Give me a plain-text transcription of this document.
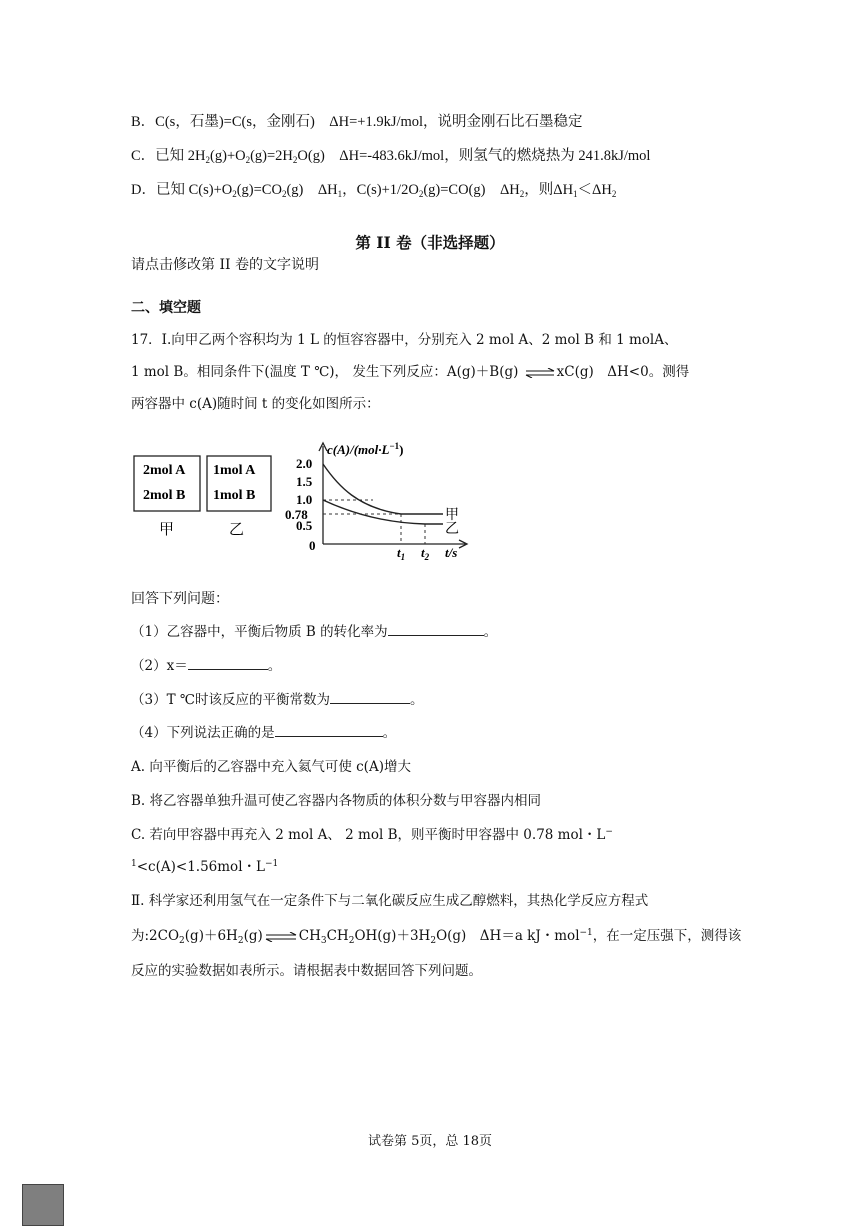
B．C(s，石墨)=C(s，金刚石)　ΔH=+1.9kJ/mol，说明金刚石比石墨稳定
C．已知 $2H_2(g)+O_2(g)=2H_2O(g)$　ΔH=-483.6kJ/mol，则氢气的燃烧热为 241.8kJ/mol
D．已知 $C(s)+O_2(g)=CO_2(g)$　$\Delta H_1$，$C(s)+1/2O_2(g)=CO(g)$　$\Delta H_2$，则$\Delta H_1<\Delta H_2$
第 II 卷（非选择题）
请点击修改第 II 卷的文字说明
二、填空题
17．Ⅰ.向甲乙两个容积均为 1 L 的恒容容器中，分别充入 2 mol A、2 mol B 和 1 molA、
1 mol B。相同条件下(温度 T ℃)， 发生下列反应：A(g)＋B(g) ⇌ xC(g)　ΔH<0。测得
两容器中 c(A)随时间 t 的变化如图所示：
2mol A
2mol B
1mol A
1mol B
甲	乙
$c(A)/(mol\cdot L^{-1})$
2.0
1.5
1.0
0.78
0.5
0	$t_1$ $t_2$ t/s
甲
乙
回答下列问题：
（1）乙容器中，平衡后物质 B 的转化率为	。
（2）x＝	。
（3）T ℃时该反应的平衡常数为	。
（4）下列说法正确的是	。
A. 向平衡后的乙容器中充入氦气可使 c(A)增大
B. 将乙容器单独升温可使乙容器内各物质的体积分数与甲容器内相同
C. 若向甲容器中再充入 2 mol A、 2 mol B，则平衡时甲容器中 0.78 mol・L−
$^1$<c(A)<1.56mol・$L^{-1}$
Ⅱ. 科学家还利用氢气在一定条件下与二氧化碳反应生成乙醇燃料，其热化学反应方程式
为$:2CO_2(g)+6H_2(g)$ ⇌ $CH_3CH_2OH(g)+3H_2O(g)$　ΔH＝a kJ・mol$^{-1}$，在一定压强下，测得该
反应的实验数据如表所示。请根据表中数据回答下列问题。
试卷第 5页，总 18页
